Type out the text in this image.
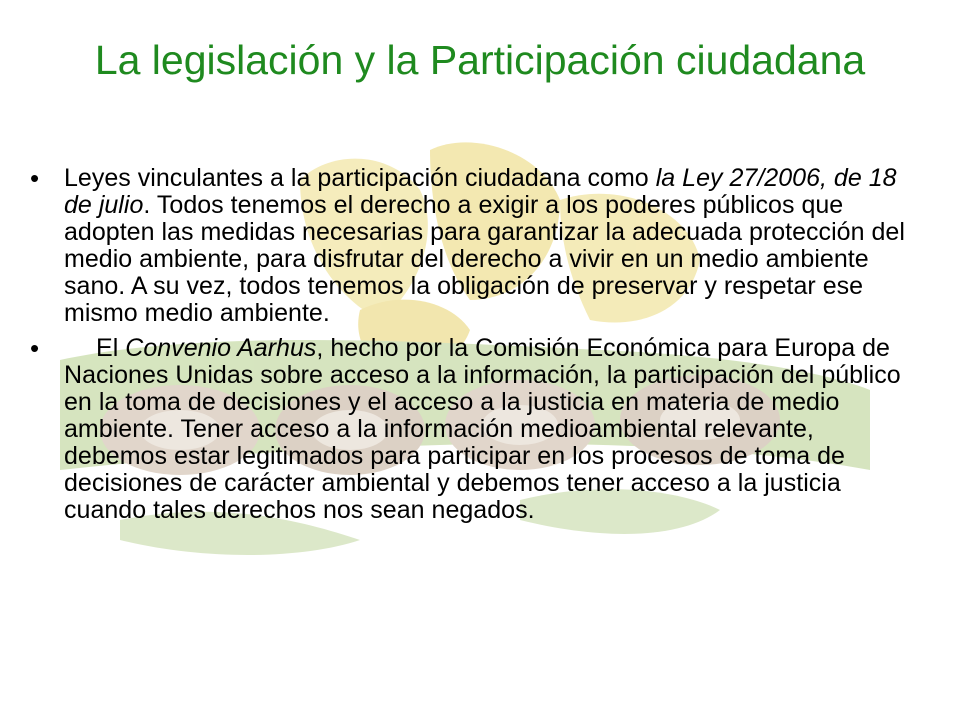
La legislación y la Participación ciudadana
• Leyes vinculantes a la participación ciudadana como la Ley 27/2006, de 18 de julio. Todos tenemos el derecho a exigir a los poderes públicos que adopten las medidas necesarias para garantizar la adecuada protección del medio ambiente, para disfrutar del derecho a vivir en un medio ambiente sano. A su vez, todos tenemos la obligación de preservar y respetar ese mismo medio ambiente.
•	El Convenio Aarhus, hecho por la Comisión Económica para Europa de Naciones Unidas sobre acceso a la información, la participación del público en la toma de decisiones y el acceso a la justicia en materia de medio ambiente. Tener acceso a la información medioambiental relevante, debemos estar legitimados para participar en los procesos de toma de decisiones de carácter ambiental y debemos tener acceso a la justicia cuando tales derechos nos sean negados.
